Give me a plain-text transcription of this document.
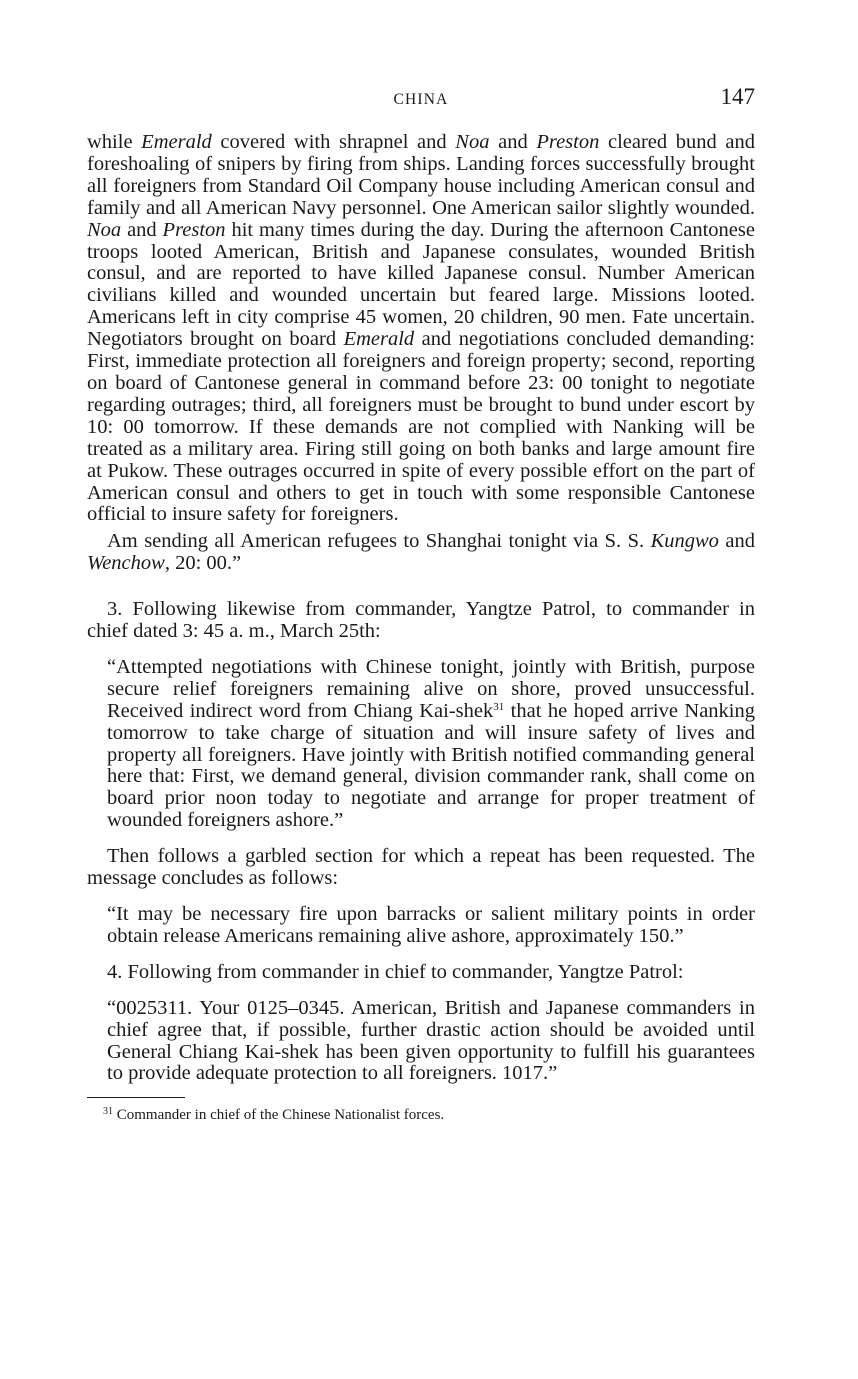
CHINA	147

while Emerald covered with shrapnel and Noa and Preston cleared bund and foreshoaling of snipers by firing from ships. Landing forces successfully brought all foreigners from Standard Oil Company house including American consul and family and all American Navy personnel. One American sailor slightly wounded. Noa and Preston hit many times during the day. During the afternoon Cantonese troops looted American, British and Japanese consulates, wounded British consul, and are reported to have killed Japanese consul. Number American civilians killed and wounded uncertain but feared large. Missions looted. Americans left in city comprise 45 women, 20 children, 90 men. Fate uncertain. Negotiators brought on board Emerald and negotiations concluded demanding: First, immediate protection all foreigners and foreign property; second, reporting on board of Cantonese general in command before 23: 00 tonight to negotiate regarding outrages; third, all foreigners must be brought to bund under escort by 10: 00 tomorrow. If these demands are not complied with Nanking will be treated as a military area. Firing still going on both banks and large amount fire at Pukow. These outrages occurred in spite of every possible effort on the part of American consul and others to get in touch with some responsible Cantonese official to insure safety for foreigners.

Am sending all American refugees to Shanghai tonight via S. S. Kungwo and Wenchow, 20: 00.”

3. Following likewise from commander, Yangtze Patrol, to commander in chief dated 3: 45 a. m., March 25th:

“Attempted negotiations with Chinese tonight, jointly with British, purpose secure relief foreigners remaining alive on shore, proved unsuccessful. Received indirect word from Chiang Kai-shek$^{31}$ that he hoped arrive Nanking tomorrow to take charge of situation and will insure safety of lives and property all foreigners. Have jointly with British notified commanding general here that: First, we demand general, division commander rank, shall come on board prior noon today to negotiate and arrange for proper treatment of wounded foreigners ashore.”

Then follows a garbled section for which a repeat has been requested. The message concludes as follows:

“It may be necessary fire upon barracks or salient military points in order obtain release Americans remaining alive ashore, approximately 150.”

4. Following from commander in chief to commander, Yangtze Patrol:

“0025311. Your 0125–0345. American, British and Japanese commanders in chief agree that, if possible, further drastic action should be avoided until General Chiang Kai-shek has been given opportunity to fulfill his guarantees to provide adequate protection to all foreigners. 1017.”

$^{31}$ Commander in chief of the Chinese Nationalist forces.
